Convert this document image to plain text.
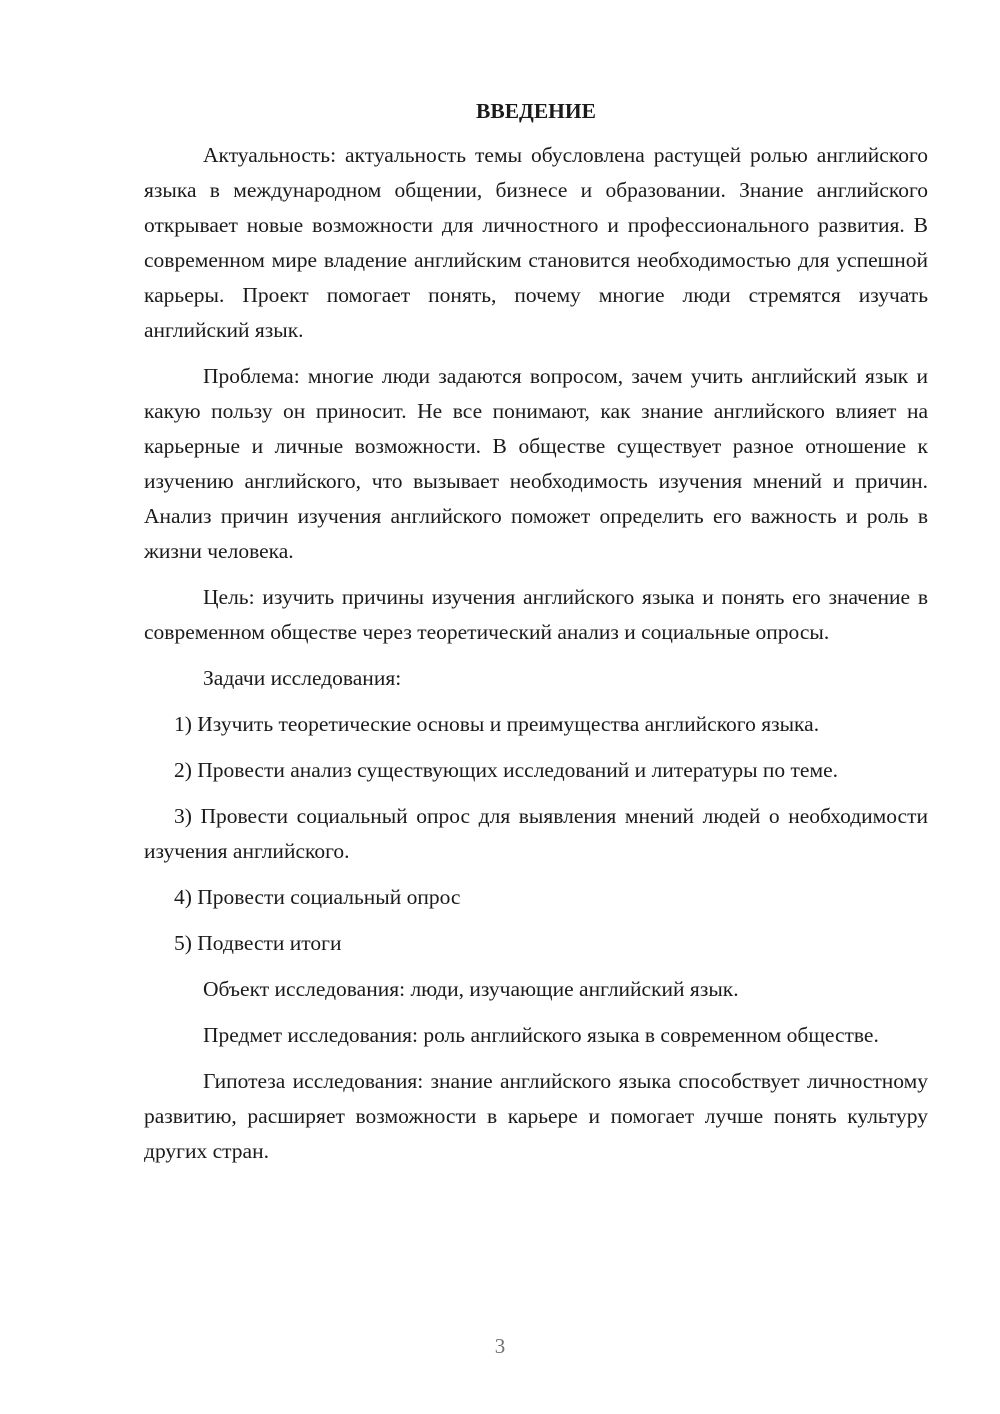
ВВЕДЕНИЕ

Актуальность: актуальность темы обусловлена растущей ролью английского языка в международном общении, бизнесе и образовании. Знание английского открывает новые возможности для личностного и профессионального развития. В современном мире владение английским становится необходимостью для успешной карьеры. Проект помогает понять, почему многие люди стремятся изучать английский язык.

Проблема: многие люди задаются вопросом, зачем учить английский язык и какую пользу он приносит. Не все понимают, как знание английского влияет на карьерные и личные возможности. В обществе существует разное отношение к изучению английского, что вызывает необходимость изучения мнений и причин. Анализ причин изучения английского поможет определить его важность и роль в жизни человека.

Цель: изучить причины изучения английского языка и понять его значение в современном обществе через теоретический анализ и социальные опросы.

Задачи исследования:

1) Изучить теоретические основы и преимущества английского языка.

2) Провести анализ существующих исследований и литературы по теме.

3) Провести социальный опрос для выявления мнений людей о необходимости изучения английского.

4) Провести социальный опрос

5) Подвести итоги

Объект исследования: люди, изучающие английский язык.

Предмет исследования: роль английского языка в современном обществе.

Гипотеза исследования: знание английского языка способствует личностному развитию, расширяет возможности в карьере и помогает лучше понять культуру других стран.

3
